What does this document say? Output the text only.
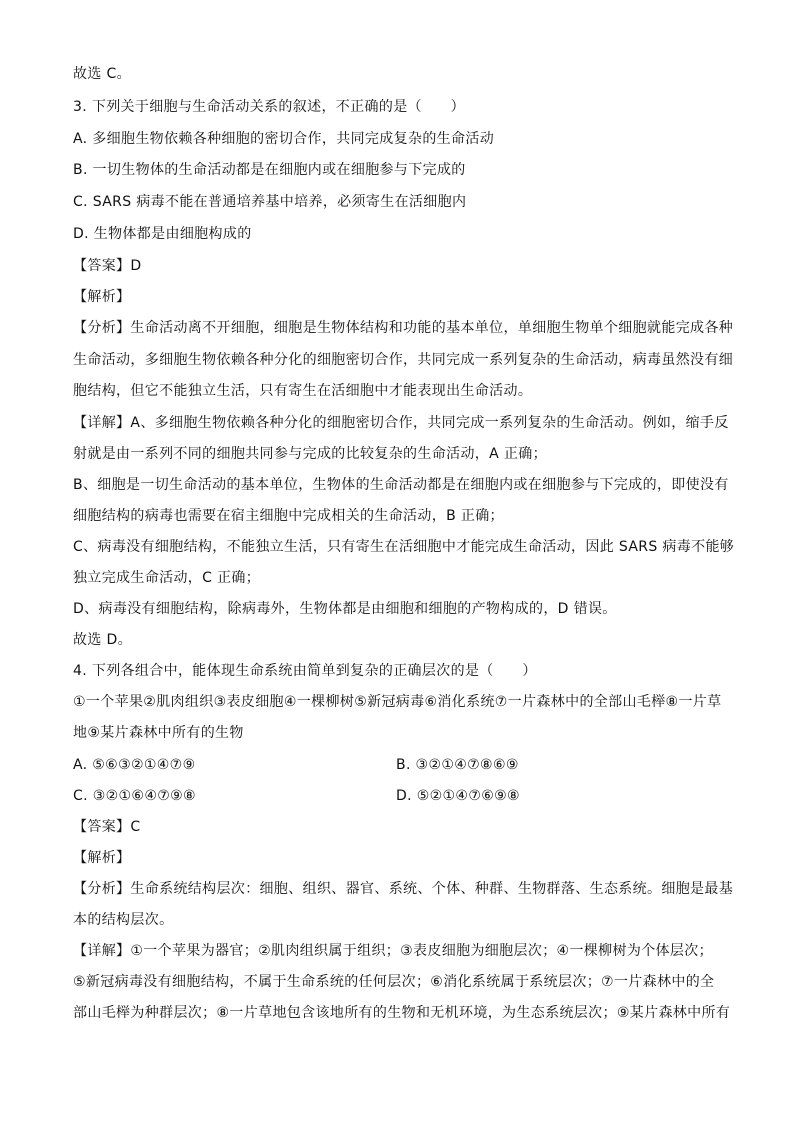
故选 C。
3. 下列关于细胞与生命活动关系的叙述，不正确的是（　　）
A. 多细胞生物依赖各种细胞的密切合作，共同完成复杂的生命活动
B. 一切生物体的生命活动都是在细胞内或在细胞参与下完成的
C. SARS 病毒不能在普通培养基中培养，必须寄生在活细胞内
D. 生物体都是由细胞构成的
【答案】D
【解析】
【分析】生命活动离不开细胞，细胞是生物体结构和功能的基本单位，单细胞生物单个细胞就能完成各种
生命活动，多细胞生物依赖各种分化的细胞密切合作，共同完成一系列复杂的生命活动，病毒虽然没有细
胞结构，但它不能独立生活，只有寄生在活细胞中才能表现出生命活动。
【详解】A、多细胞生物依赖各种分化的细胞密切合作，共同完成一系列复杂的生命活动。例如，缩手反
射就是由一系列不同的细胞共同参与完成的比较复杂的生命活动，A 正确；
B、细胞是一切生命活动的基本单位，生物体的生命活动都是在细胞内或在细胞参与下完成的，即使没有
细胞结构的病毒也需要在宿主细胞中完成相关的生命活动，B 正确；
C、病毒没有细胞结构，不能独立生活，只有寄生在活细胞中才能完成生命活动，因此 SARS 病毒不能够
独立完成生命活动，C 正确；
D、病毒没有细胞结构，除病毒外，生物体都是由细胞和细胞的产物构成的，D 错误。
故选 D。
4. 下列各组合中，能体现生命系统由简单到复杂的正确层次的是（　　）
①一个苹果②肌肉组织③表皮细胞④一棵柳树⑤新冠病毒⑥消化系统⑦一片森林中的全部山毛榉⑧一片草
地⑨某片森林中所有的生物
A. ⑤⑥③②①④⑦⑨	B. ③②①④⑦⑧⑥⑨
C. ③②①⑥④⑦⑨⑧	D. ⑤②①④⑦⑥⑨⑧
【答案】C
【解析】
【分析】生命系统结构层次：细胞、组织、器官、系统、个体、种群、生物群落、生态系统。细胞是最基
本的结构层次。
【详解】①一个苹果为器官；②肌肉组织属于组织；③表皮细胞为细胞层次；④一棵柳树为个体层次；
⑤新冠病毒没有细胞结构，不属于生命系统的任何层次；⑥消化系统属于系统层次；⑦一片森林中的全
部山毛榉为种群层次；⑧一片草地包含该地所有的生物和无机环境，为生态系统层次；⑨某片森林中所有
